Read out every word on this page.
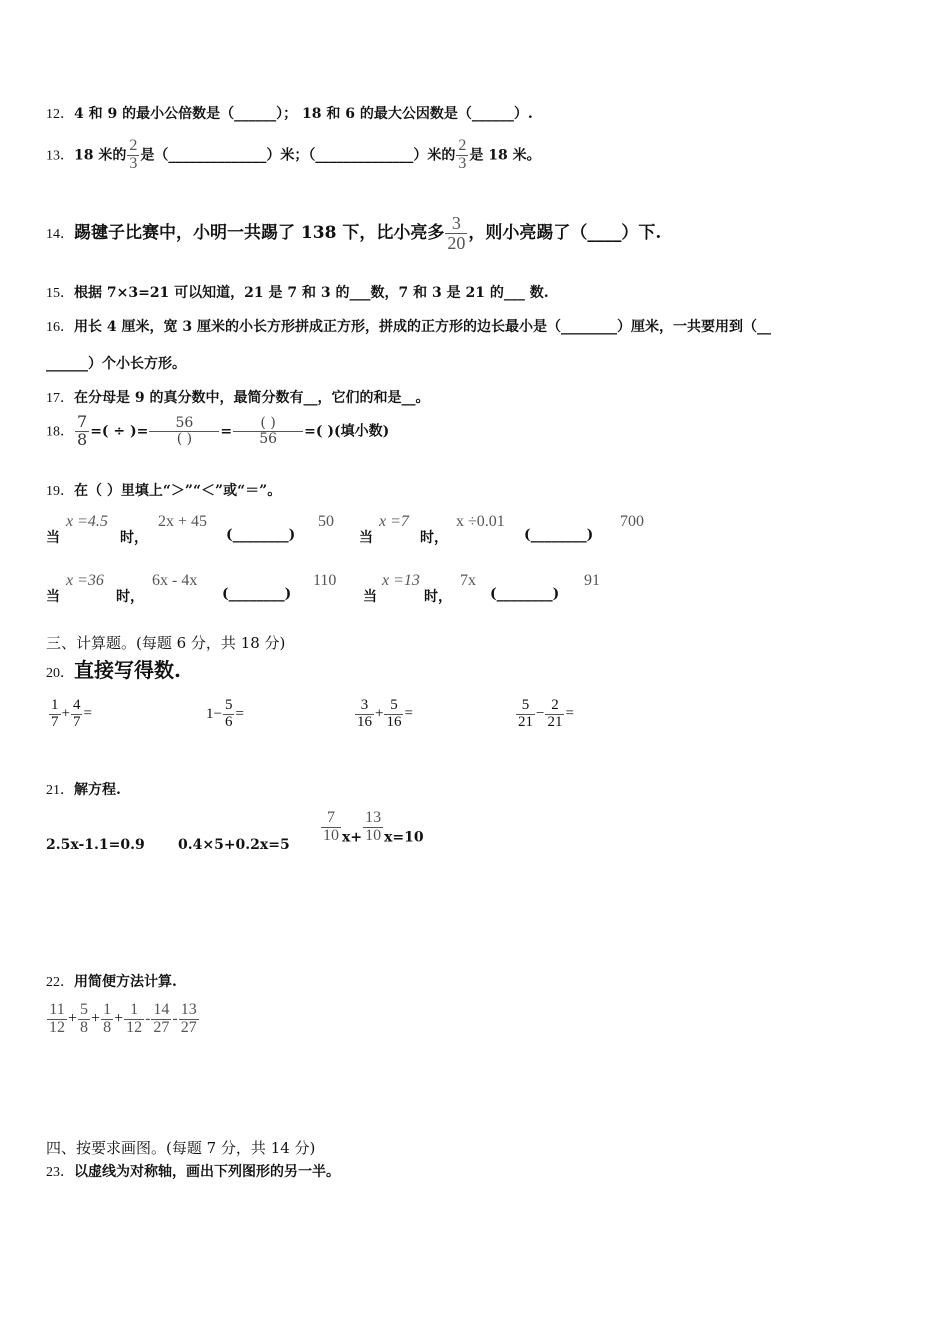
12．4 和 9 的最小公倍数是（______）； 18 和 6 的最大公因数是（______）.
13．18 米的 $\frac{2}{3}$ 是（______________）米；（______________）米的 $\frac{2}{3}$ 是 18 米。
14．踢毽子比赛中，小明一共踢了 138 下，比小亮多 $\frac{3}{20}$ ，则小亮踢了（____）下.
15．根据 7×3=21 可以知道，21 是 7 和 3 的___数，7 和 3 是 21 的___ 数.
16．用长 4 厘米，宽 3 厘米的小长方形拼成正方形，拼成的正方形的边长最小是（________）厘米，一共要用到（__
______）个小长方形。
17．在分母是 9 的真分数中，最简分数有__，它们的和是__。
18． $\frac{7}{8}$ =( ÷ )= $\frac{56}{( )} = \frac{( )}{56}$ =( )(填小数)
19．在（ ）里填上“＞”“＜”或“＝”。
当
x =4.5
时，
2x + 45
(________)
50
当
x =7
时，
x ÷0.01
(________)
700
当
x =36
时，
6x - 4x
(________)
110
当
x =13
时，
7x
(________)
91
三、计算题。(每题 6 分，共 18 分)
20．直接写得数.
$\frac{1}{7} + \frac{4}{7}$ =	$1- \frac{5}{6}$ =	$\frac{3}{16} + \frac{5}{16}$ =	$\frac{5}{21} - \frac{2}{21}$ =
21．解方程.
2.5x-1.1=0.9 0.4×5+0.2x=5
$\frac{7}{10} x+ \frac{13}{10} x=10$
22．用简便方法计算.
$\frac{11}{12} + \frac{5}{8} + \frac{1}{8} + \frac{1}{12} - \frac{14}{27} - \frac{13}{27}$
四、按要求画图。(每题 7 分，共 14 分)
23．以虚线为对称轴，画出下列图形的另一半。
